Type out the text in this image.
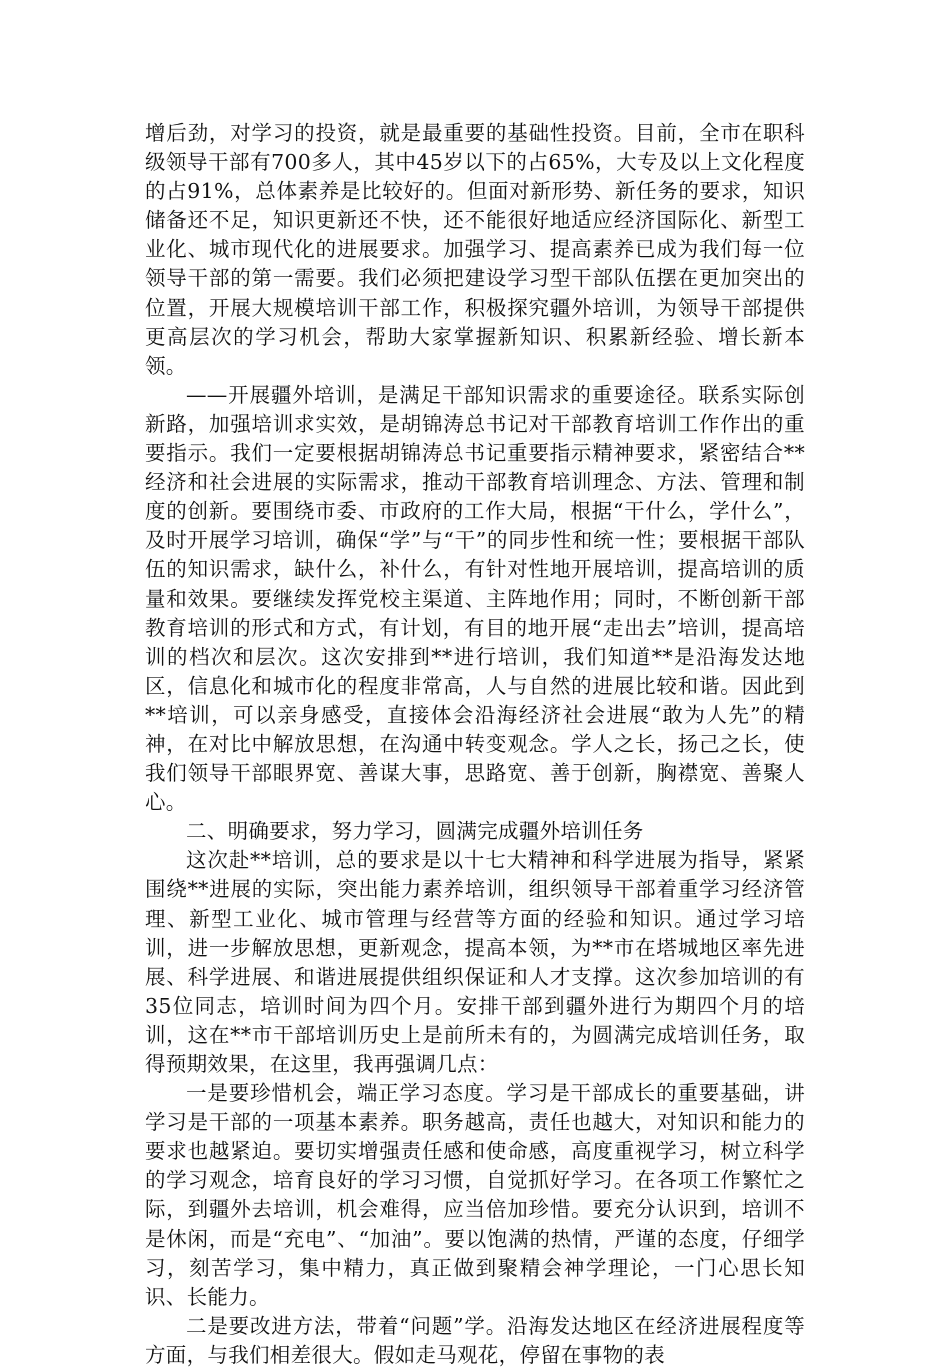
增后劲，对学习的投资，就是最重要的基础性投资。目前，全市在职科级领导干部有700多人，其中45岁以下的占65%，大专及以上文化程度的占91%，总体素养是比较好的。但面对新形势、新任务的要求，知识储备还不足，知识更新还不快，还不能很好地适应经济国际化、新型工业化、城市现代化的进展要求。加强学习、提高素养已成为我们每一位领导干部的第一需要。我们必须把建设学习型干部队伍摆在更加突出的位置，开展大规模培训干部工作，积极探究疆外培训，为领导干部提供更高层次的学习机会，帮助大家掌握新知识、积累新经验、增长新本领。

——开展疆外培训，是满足干部知识需求的重要途径。联系实际创新路，加强培训求实效，是胡锦涛总书记对干部教育培训工作作出的重要指示。我们一定要根据胡锦涛总书记重要指示精神要求，紧密结合**经济和社会进展的实际需求，推动干部教育培训理念、方法、管理和制度的创新。要围绕市委、市政府的工作大局，根据“干什么，学什么”，及时开展学习培训，确保“学”与“干”的同步性和统一性；要根据干部队伍的知识需求，缺什么，补什么，有针对性地开展培训，提高培训的质量和效果。要继续发挥党校主渠道、主阵地作用；同时，不断创新干部教育培训的形式和方式，有计划，有目的地开展“走出去”培训，提高培训的档次和层次。这次安排到**进行培训，我们知道**是沿海发达地区，信息化和城市化的程度非常高，人与自然的进展比较和谐。因此到**培训，可以亲身感受，直接体会沿海经济社会进展“敢为人先”的精神，在对比中解放思想，在沟通中转变观念。学人之长，扬己之长，使我们领导干部眼界宽、善谋大事，思路宽、善于创新，胸襟宽、善聚人心。

二、明确要求，努力学习，圆满完成疆外培训任务

这次赴**培训，总的要求是以十七大精神和科学进展为指导，紧紧围绕**进展的实际，突出能力素养培训，组织领导干部着重学习经济管理、新型工业化、城市管理与经营等方面的经验和知识。通过学习培训，进一步解放思想，更新观念，提高本领，为**市在塔城地区率先进展、科学进展、和谐进展提供组织保证和人才支撑。这次参加培训的有35位同志，培训时间为四个月。安排干部到疆外进行为期四个月的培训，这在**市干部培训历史上是前所未有的，为圆满完成培训任务，取得预期效果，在这里，我再强调几点：

一是要珍惜机会，端正学习态度。学习是干部成长的重要基础，讲学习是干部的一项基本素养。职务越高，责任也越大，对知识和能力的要求也越紧迫。要切实增强责任感和使命感，高度重视学习，树立科学的学习观念，培育良好的学习习惯，自觉抓好学习。在各项工作繁忙之际，到疆外去培训，机会难得，应当倍加珍惜。要充分认识到，培训不是休闲，而是“充电”、“加油”。要以饱满的热情，严谨的态度，仔细学习，刻苦学习，集中精力，真正做到聚精会神学理论，一门心思长知识、长能力。

二是要改进方法，带着“问题”学。沿海发达地区在经济进展程度等方面，与我们相差很大。假如走马观花，停留在事物的表
